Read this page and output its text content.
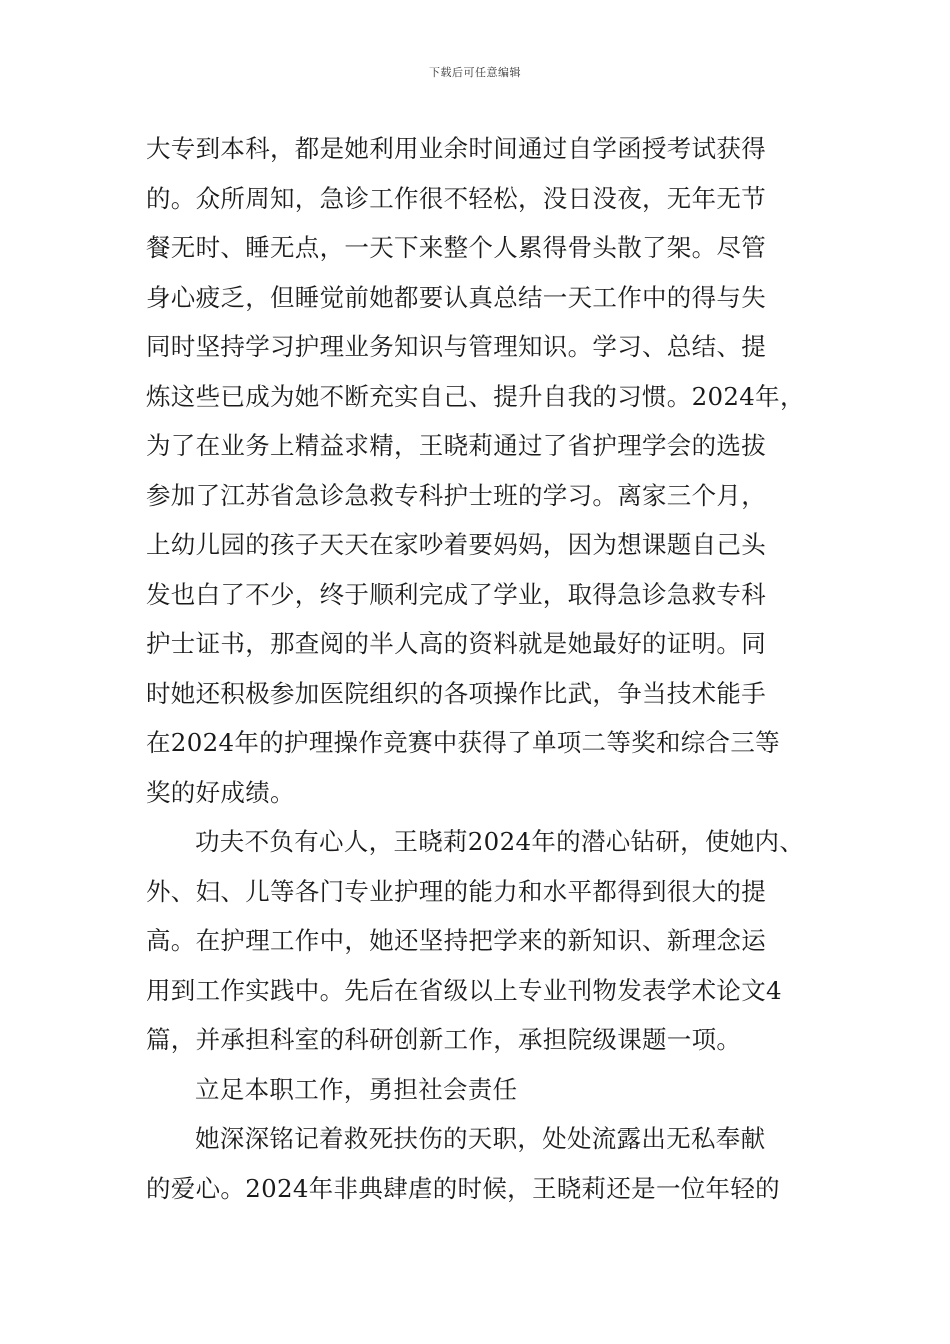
下载后可任意编辑
大专到本科，都是她利用业余时间通过自学函授考试获得
的。众所周知，急诊工作很不轻松，没日没夜，无年无节
餐无时、睡无点，一天下来整个人累得骨头散了架。尽管
身心疲乏，但睡觉前她都要认真总结一天工作中的得与失
同时坚持学习护理业务知识与管理知识。学习、总结、提
炼这些已成为她不断充实自己、提升自我的习惯。2024年，
为了在业务上精益求精，王晓莉通过了省护理学会的选拔
参加了江苏省急诊急救专科护士班的学习。离家三个月，
上幼儿园的孩子天天在家吵着要妈妈，因为想课题自己头
发也白了不少，终于顺利完成了学业，取得急诊急救专科
护士证书，那查阅的半人高的资料就是她最好的证明。同
时她还积极参加医院组织的各项操作比武，争当技术能手
在2024年的护理操作竞赛中获得了单项二等奖和综合三等
奖的好成绩。
功夫不负有心人，王晓莉2024年的潜心钻研，使她内、
外、妇、儿等各门专业护理的能力和水平都得到很大的提
高。在护理工作中，她还坚持把学来的新知识、新理念运
用到工作实践中。先后在省级以上专业刊物发表学术论文4
篇，并承担科室的科研创新工作，承担院级课题一项。
立足本职工作，勇担社会责任
她深深铭记着救死扶伤的天职，处处流露出无私奉献
的爱心。2024年非典肆虐的时候，王晓莉还是一位年轻的
